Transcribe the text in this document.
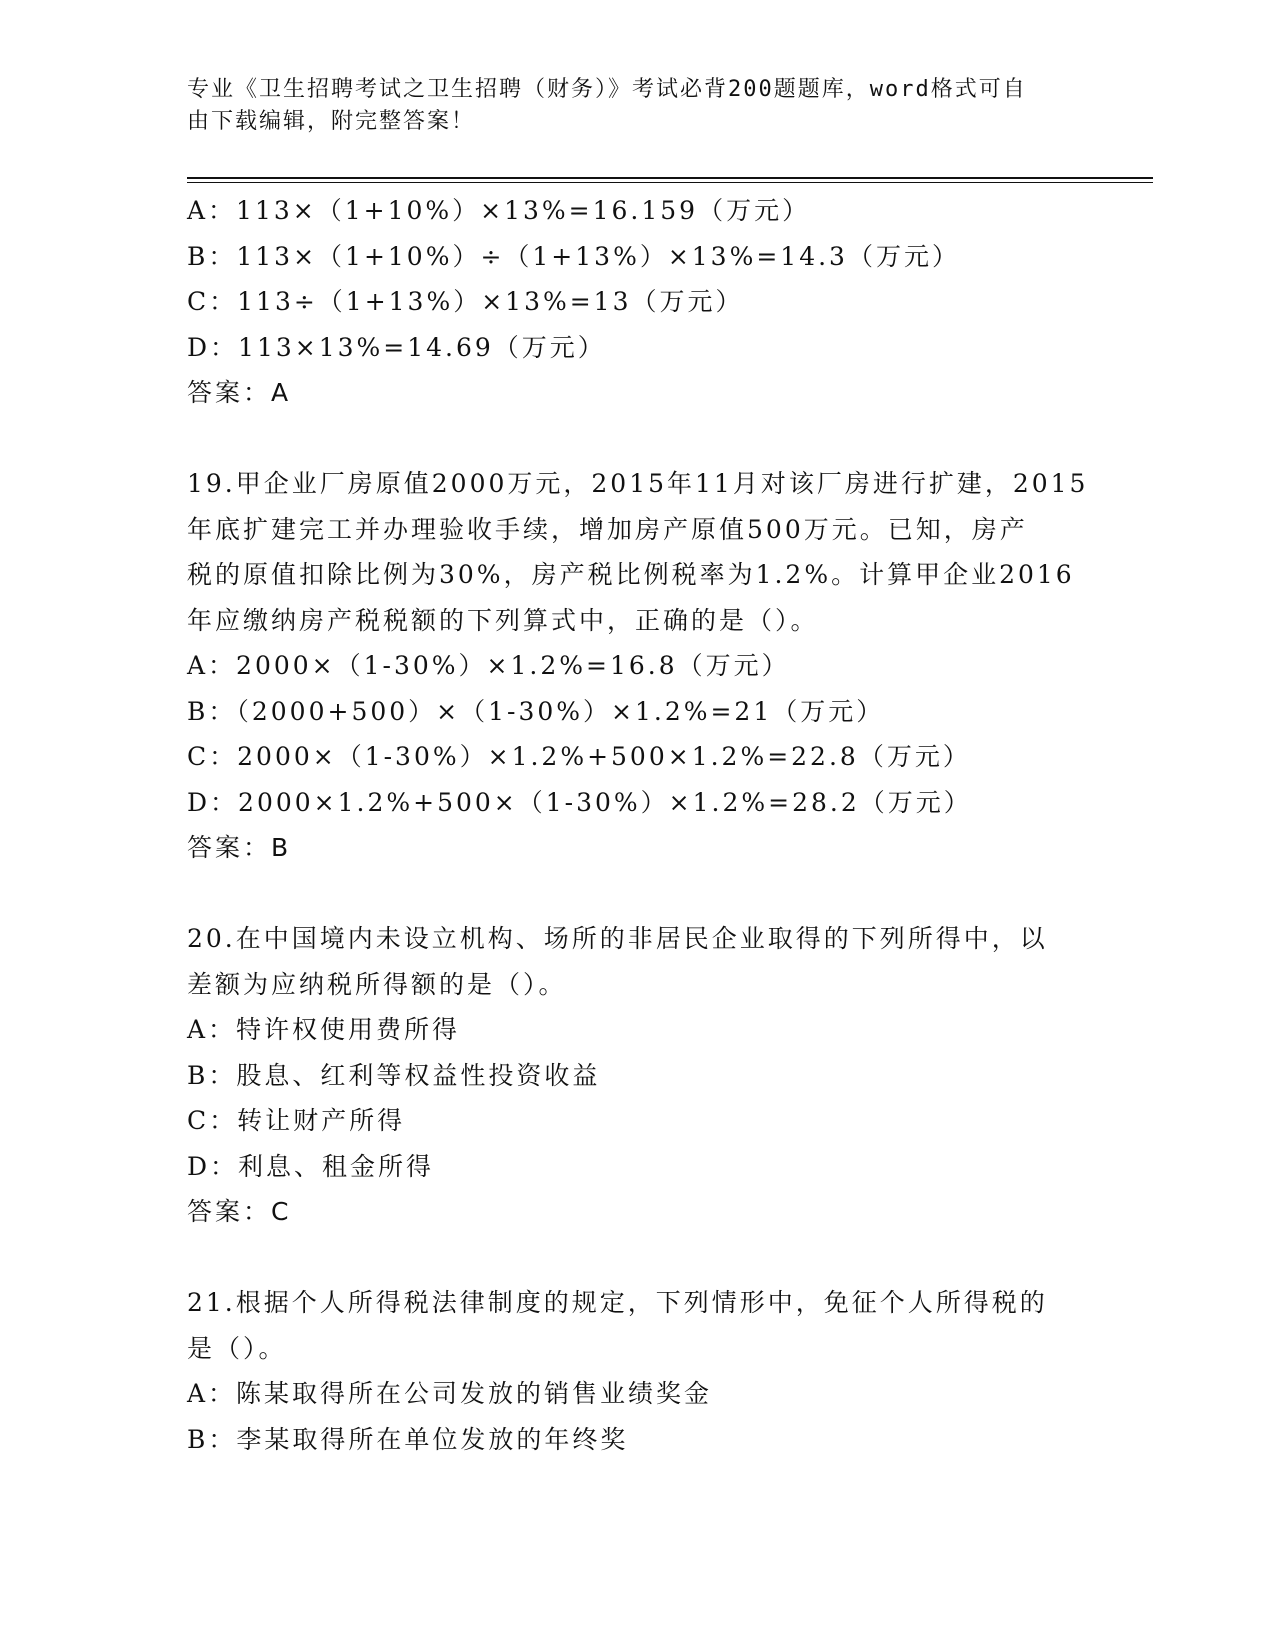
专业《卫生招聘考试之卫生招聘（财务）》考试必背200题题库，word格式可自
由下载编辑，附完整答案！
A：113×（1+10%）×13%=16.159（万元）
B：113×（1+10%）÷（1+13%）×13%=14.3（万元）
C：113÷（1+13%）×13%=13（万元）
D：113×13%=14.69（万元）
答案：A
19.甲企业厂房原值2000万元，2015年11月对该厂房进行扩建，2015
年底扩建完工并办理验收手续，增加房产原值500万元。已知，房产
税的原值扣除比例为30%，房产税比例税率为1.2%。计算甲企业2016
年应缴纳房产税税额的下列算式中，正确的是（）。
A：2000×（1-30%）×1.2%=16.8（万元）
B：（2000+500）×（1-30%）×1.2%=21（万元）
C：2000×（1-30%）×1.2%+500×1.2%=22.8（万元）
D：2000×1.2%+500×（1-30%）×1.2%=28.2（万元）
答案：B
20.在中国境内未设立机构、场所的非居民企业取得的下列所得中，以
差额为应纳税所得额的是（）。
A：特许权使用费所得
B：股息、红利等权益性投资收益
C：转让财产所得
D：利息、租金所得
答案：C
21.根据个人所得税法律制度的规定，下列情形中，免征个人所得税的
是（）。
A：陈某取得所在公司发放的销售业绩奖金
B：李某取得所在单位发放的年终奖
